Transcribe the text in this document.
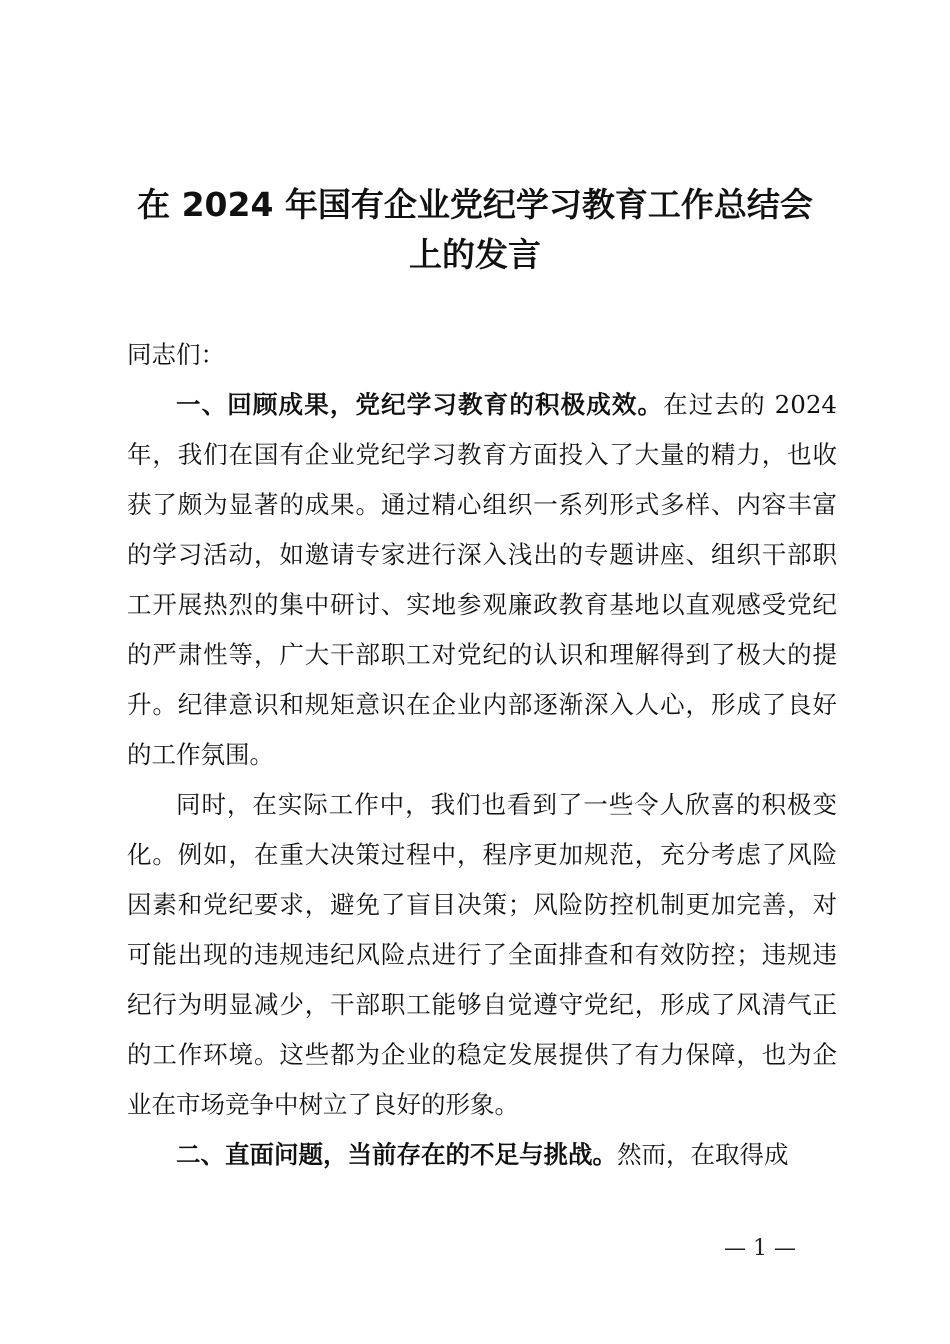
在 2024 年国有企业党纪学习教育工作总结会
上的发言

同志们：

一、回顾成果，党纪学习教育的积极成效。在过去的 2024 年，我们在国有企业党纪学习教育方面投入了大量的精力，也收获了颇为显著的成果。通过精心组织一系列形式多样、内容丰富的学习活动，如邀请专家进行深入浅出的专题讲座、组织干部职工开展热烈的集中研讨、实地参观廉政教育基地以直观感受党纪的严肃性等，广大干部职工对党纪的认识和理解得到了极大的提升。纪律意识和规矩意识在企业内部逐渐深入人心，形成了良好的工作氛围。

同时，在实际工作中，我们也看到了一些令人欣喜的积极变化。例如，在重大决策过程中，程序更加规范，充分考虑了风险因素和党纪要求，避免了盲目决策；风险防控机制更加完善，对可能出现的违规违纪风险点进行了全面排查和有效防控；违规违纪行为明显减少，干部职工能够自觉遵守党纪，形成了风清气正的工作环境。这些都为企业的稳定发展提供了有力保障，也为企业在市场竞争中树立了良好的形象。

二、直面问题，当前存在的不足与挑战。然而，在取得成

— 1 —
